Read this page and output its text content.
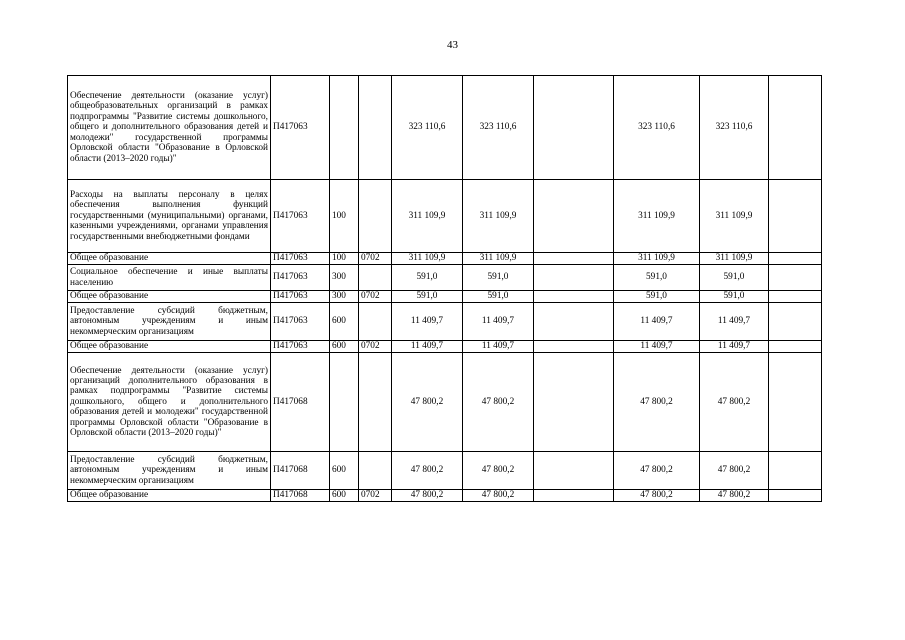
43
Обеспечение деятельности (оказание услуг) общеобразовательных организаций в рамках подпрограммы "Развитие системы дошкольного, общего и дополнительного образования детей и молодежи" государственной программы Орловской области "Образование в Орловской области (2013–2020 годы)"	П417063			323 110,6	323 110,6		323 110,6	323 110,6	
Расходы на выплаты персоналу в целях обеспечения выполнения функций государственными (муниципальными) органами, казенными учреждениями, органами управления государственными внебюджетными фондами	П417063	100		311 109,9	311 109,9		311 109,9	311 109,9	
Общее образование	П417063	100	0702	311 109,9	311 109,9		311 109,9	311 109,9	
Социальное обеспечение и иные выплаты населению	П417063	300		591,0	591,0		591,0	591,0	
Общее образование	П417063	300	0702	591,0	591,0		591,0	591,0	
Предоставление субсидий бюджетным, автономным учреждениям и иным некоммерческим организациям	П417063	600		11 409,7	11 409,7		11 409,7	11 409,7	
Общее образование	П417063	600	0702	11 409,7	11 409,7		11 409,7	11 409,7	
Обеспечение деятельности (оказание услуг) организаций дополнительного образования в рамках подпрограммы "Развитие системы дошкольного, общего и дополнительного образования детей и молодежи" государственной программы Орловской области "Образование в Орловской области (2013–2020 годы)"	П417068			47 800,2	47 800,2		47 800,2	47 800,2	
Предоставление субсидий бюджетным, автономным учреждениям и иным некоммерческим организациям	П417068	600		47 800,2	47 800,2		47 800,2	47 800,2	
Общее образование	П417068	600	0702	47 800,2	47 800,2		47 800,2	47 800,2	
